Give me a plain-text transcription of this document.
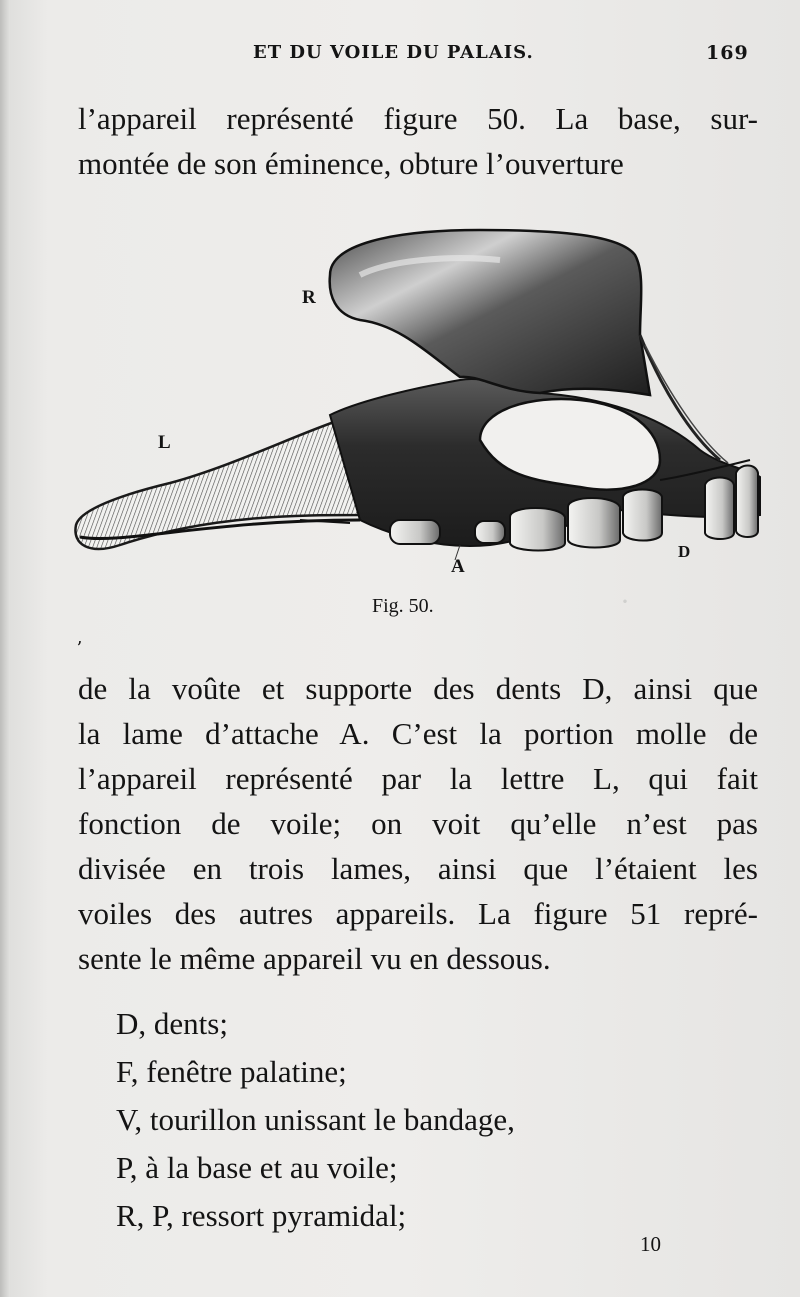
·
ET DU VOILE DU PALAIS.	169
l’appareil représenté figure 50. La base, sur-
montée de son éminence, obture l’ouverture
R
L
A
D
Fig. 50.
ʼ
de la voûte et supporte des dents D, ainsi que
la lame d’attache A. C’est la portion molle de
l’appareil représenté par la lettre L, qui fait
fonction de voile; on voit qu’elle n’est pas
divisée en trois lames, ainsi que l’étaient les
voiles des autres appareils. La figure 51 repré-
sente le même appareil vu en dessous.
D, dents;
F, fenêtre palatine;
V, tourillon unissant le bandage,
P, à la base et au voile;
R, P, ressort pyramidal;
10
